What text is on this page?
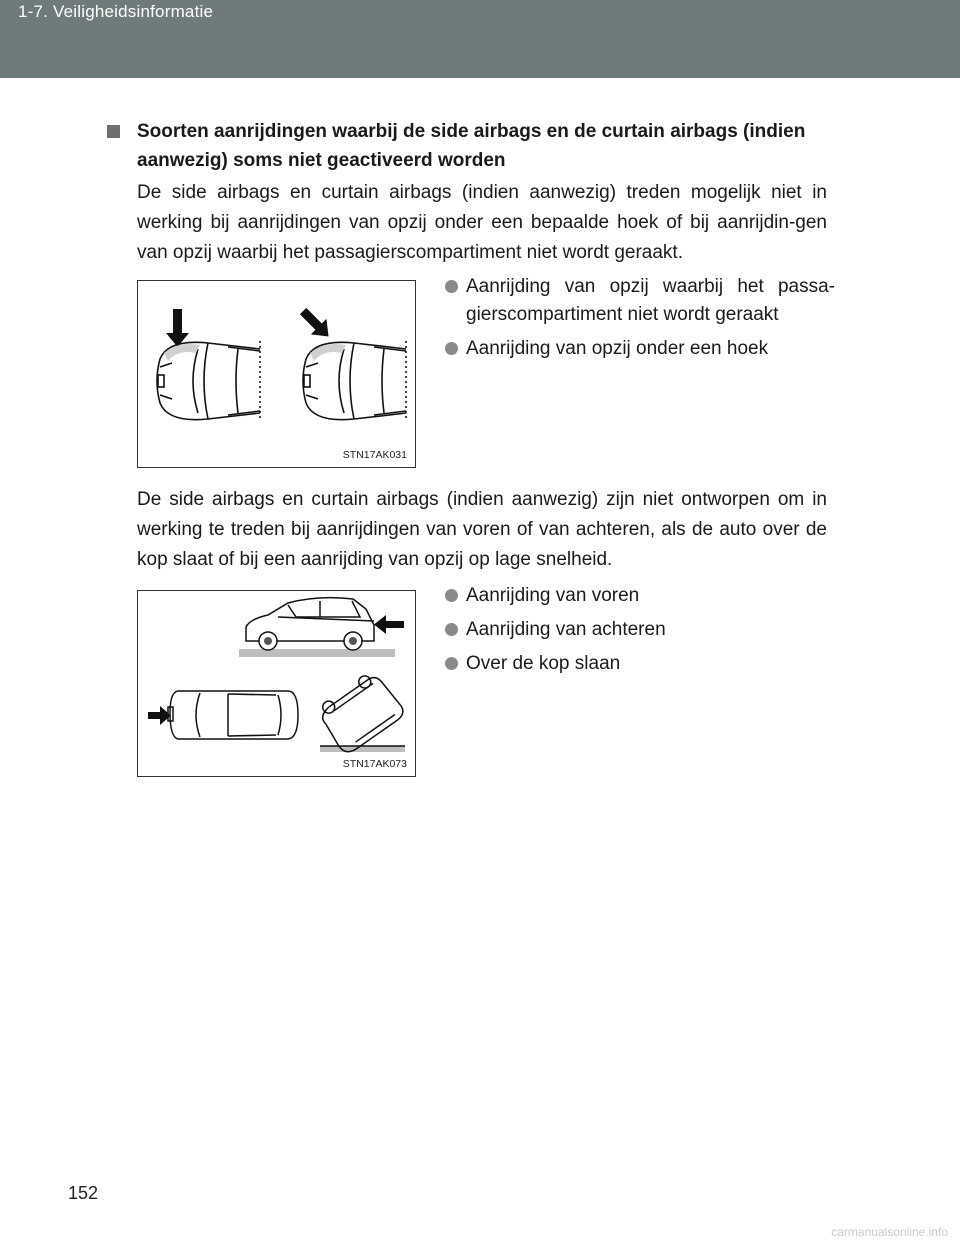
1-7. Veiligheidsinformatie
Soorten aanrijdingen waarbij de side airbags en de curtain airbags (indien aanwezig) soms niet geactiveerd worden
De side airbags en curtain airbags (indien aanwezig) treden mogelijk niet in werking bij aanrijdingen van opzij onder een bepaalde hoek of bij aanrijdin-gen van opzij waarbij het passagierscompartiment niet wordt geraakt.
STN17AK031
Aanrijding van opzij waarbij het passa-gierscompartiment niet wordt geraakt
Aanrijding van opzij onder een hoek
De side airbags en curtain airbags (indien aanwezig) zijn niet ontworpen om in werking te treden bij aanrijdingen van voren of van achteren, als de auto over de kop slaat of bij een aanrijding van opzij op lage snelheid.
STN17AK073
Aanrijding van voren
Aanrijding van achteren
Over de kop slaan
152
carmanualsonline.info
